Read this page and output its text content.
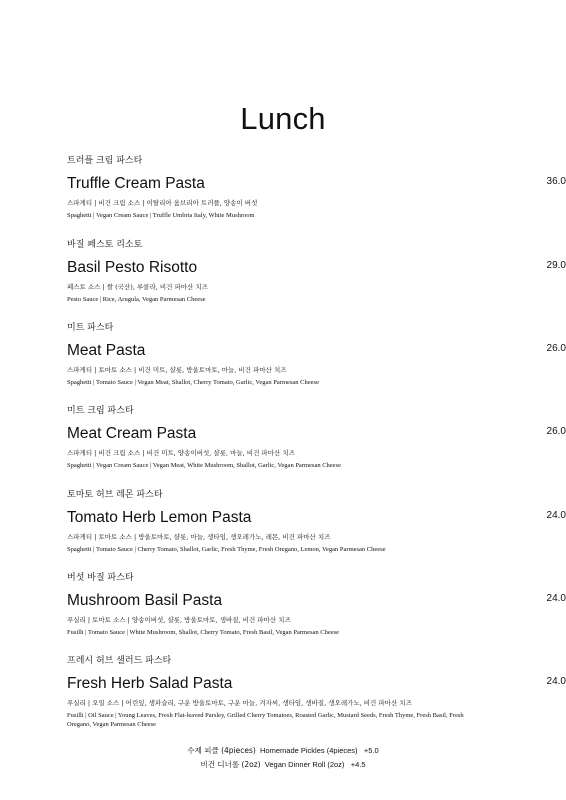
Lunch
트러플 크림 파스타
Truffle Cream Pasta	36.0
스파게티 | 비건 크림 소스 | 이탈리아 움브리아 트러플, 양송이 버섯
Spaghetti | Vegan Cream Sauce | Truffle Umbria Italy, White Mushroom
바질 페스토 리소토
Basil Pesto Risotto	29.0
페스토 소스 | 쌀 (국산), 루콜라, 비건 파마산 치즈
Pesto Sauce | Rice, Arugula, Vegan Parmesan Cheese
미트 파스타
Meat Pasta	26.0
스파게티 | 토마토 소스 | 비건 미트, 샬롯, 방울토마토, 마늘, 비건 파마산 치즈
Spaghetti | Tomato Sauce | Vegan Meat, Shallot, Cherry Tomato, Garlic, Vegan Parmesan Cheese
미트 크림 파스타
Meat Cream Pasta	26.0
스파게티 | 비건 크림 소스 | 비건 미트, 양송이버섯, 샬롯, 마늘, 비건 파마산 치즈
Spaghetti | Vegan Cream Sauce | Vegan Meat, White Mushroom, Shallot, Garlic, Vegan Parmesan Cheese
토마토 허브 레몬 파스타
Tomato Herb Lemon Pasta	24.0
스파게티 | 토마토 소스 | 방울토마토, 샬롯, 마늘, 생타임, 생오레가노, 레몬, 비건 파마산 치즈
Spaghetti | Tomato Sauce | Cherry Tomato, Shallot, Garlic, Fresh Thyme, Fresh Oregano, Lemon, Vegan Parmesan Cheese
버섯 바질 파스타
Mushroom Basil Pasta	24.0
푸실리 | 토마토 소스 | 양송이버섯, 샬롯, 방울토마토, 생바질, 비건 파마산 치즈
Fusilli | Tomato Sauce | White Mushroom, Shallot, Cherry Tomato, Fresh Basil, Vegan Parmesan Cheese
프레시 허브 샐러드 파스타
Fresh Herb Salad Pasta	24.0
푸실리 | 오일 소스 | 어린잎, 생파슬리, 구운 방울토마토, 구운 마늘, 겨자씨, 생타임, 생바질, 생오레가노, 비건 파마산 치즈
Fusilli | Oil Sauce | Young Leaves, Fresh Flat-leaved Parsley, Grilled Cherry Tomatoes, Roasted Garlic, Mustard Seeds, Fresh Thyme, Fresh Basil, Fresh Oregano, Vegan Parmesan Cheese
수제 피클 (4pieces) Homemade Pickles (4pieces) +5.0
비건 디너롤 (2oz) Vegan Dinner Roll (2oz) +4.5
